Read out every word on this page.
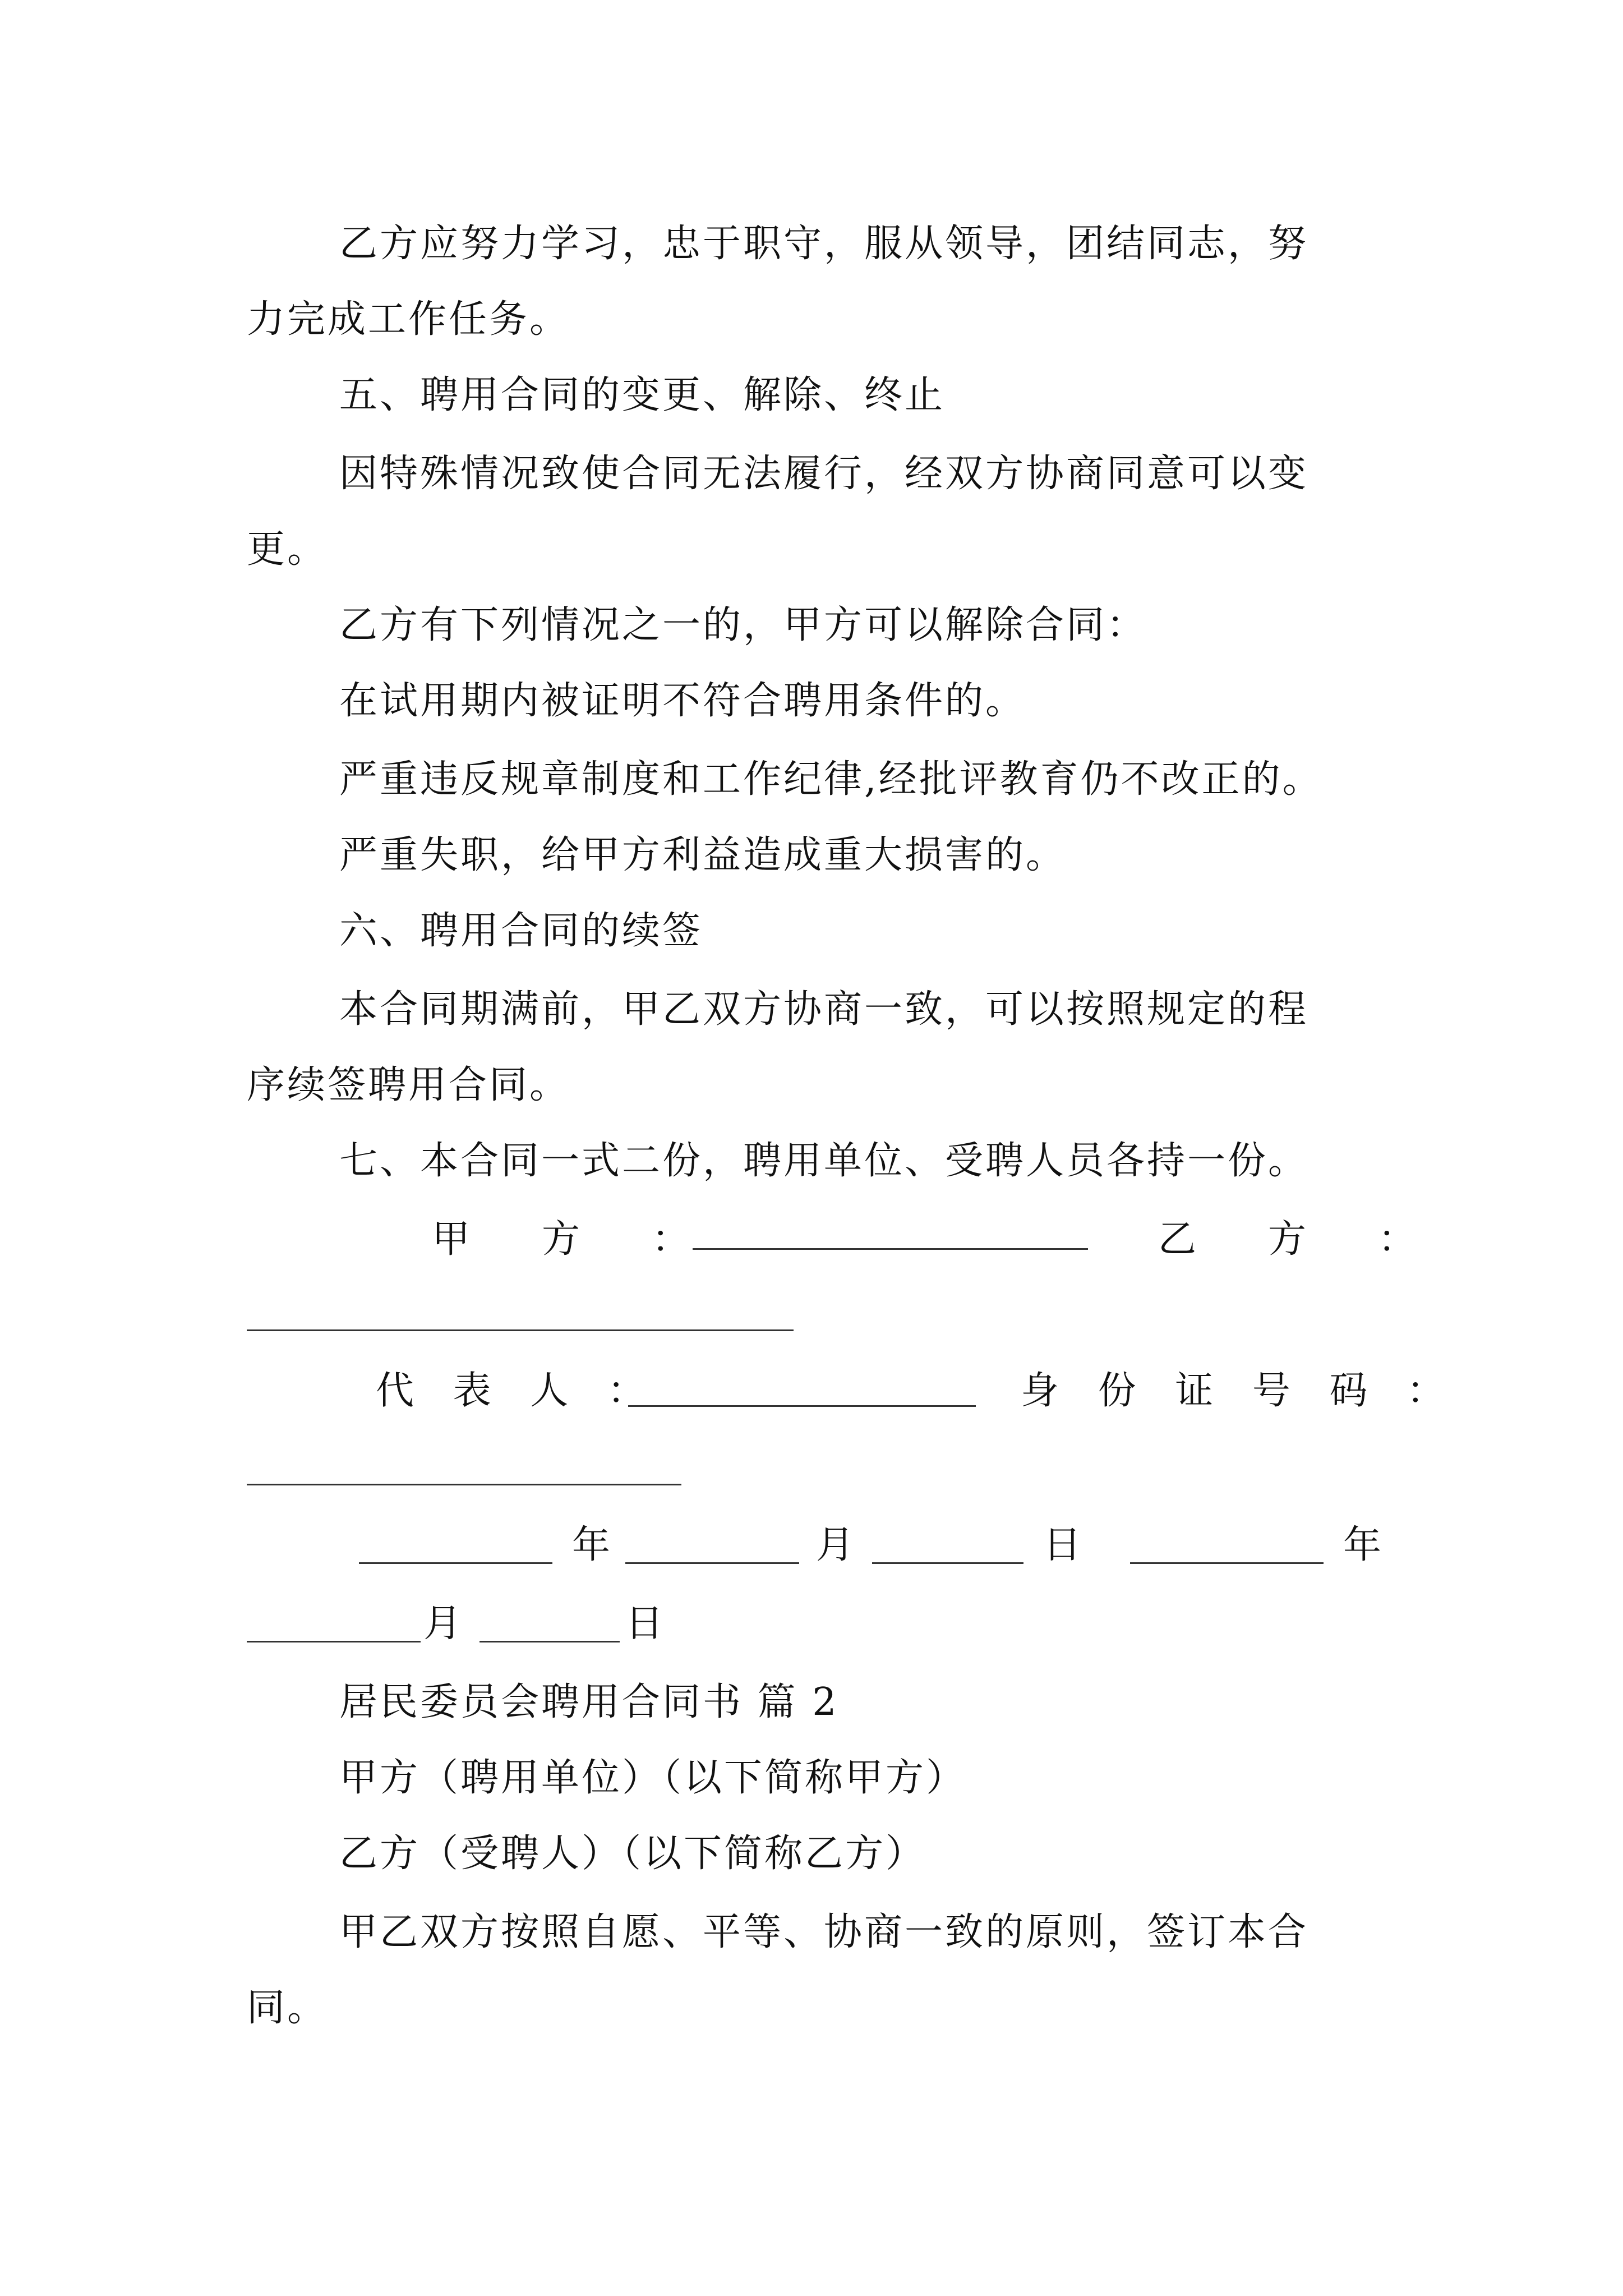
乙方应努力学习，忠于职守，服从领导，团结同志，努
力完成工作任务。
五、聘用合同的变更、解除、终止
因特殊情况致使合同无法履行，经双方协商同意可以变
更。
乙方有下列情况之一的，甲方可以解除合同：
在试用期内被证明不符合聘用条件的。
严重违反规章制度和工作纪律,经批评教育仍不改正的。
严重失职，给甲方利益造成重大损害的。
六、聘用合同的续签
本合同期满前，甲乙双方协商一致，可以按照规定的程
序续签聘用合同。
七、本合同一式二份，聘用单位、受聘人员各持一份。
甲　方　：	乙　方　：
代 表 人 ：	身 份 证 号 码 ：
年	月	日	年
月	日
居民委员会聘用合同书 篇 2
甲方（聘用单位）（以下简称甲方）
乙方（受聘人）（以下简称乙方）
甲乙双方按照自愿、平等、协商一致的原则，签订本合
同。
